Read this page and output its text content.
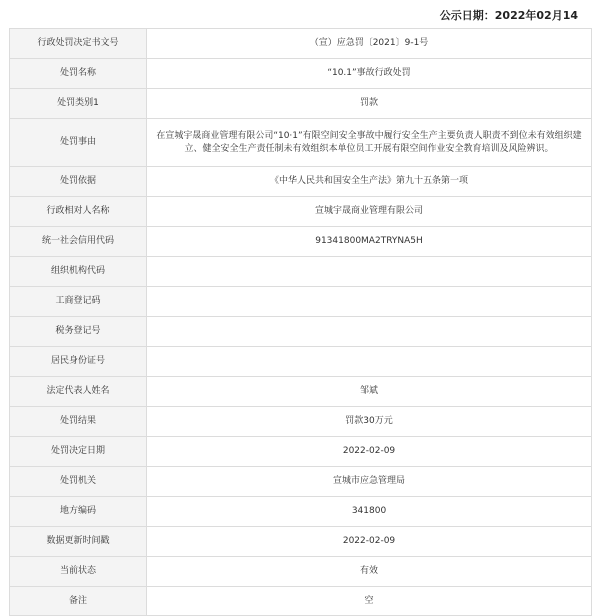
公示日期：2022年02月14
行政处罚决定书文号	（宣）应急罚〔2021〕9-1号
处罚名称	“10.1”事故行政处罚
处罚类别1	罚款
处罚事由	在宣城宇晟商业管理有限公司“10·1”有限空间安全事故中履行安全生产主要负责人职责不到位未有效组织建立、健全安全生产责任制未有效组织本单位员工开展有限空间作业安全教育培训及风险辨识。
处罚依据	《中华人民共和国安全生产法》第九十五条第一项
行政相对人名称	宣城宇晟商业管理有限公司
统一社会信用代码	91341800MA2TRYNA5H
组织机构代码	
工商登记码	
税务登记号	
居民身份证号	
法定代表人姓名	邹斌
处罚结果	罚款30万元
处罚决定日期	2022-02-09
处罚机关	宣城市应急管理局
地方编码	341800
数据更新时间戳	2022-02-09
当前状态	有效
备注	空
